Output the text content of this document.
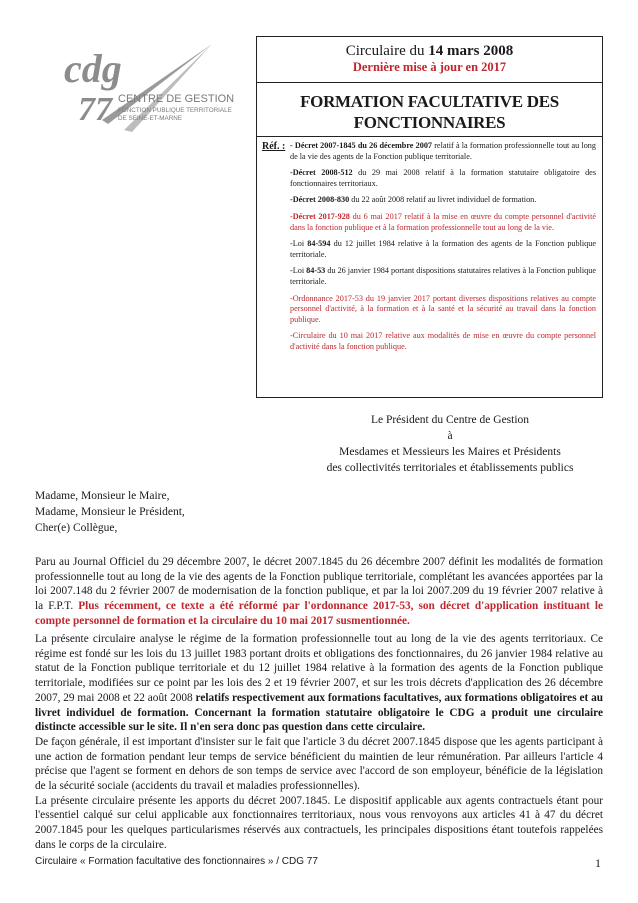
cdg
77 CENTRE DE GESTION
FONCTION PUBLIQUE TERRITORIALE
DE SEINE-ET-MARNE
Circulaire du 14 mars 2008
Dernière mise à jour en 2017
FORMATION FACULTATIVE DES
FONCTIONNAIRES
Réf. : - Décret 2007-1845 du 26 décembre 2007 relatif à la formation professionnelle tout au long de la vie des agents de la Fonction publique territoriale.

-Décret 2008-512 du 29 mai 2008 relatif à la formation statutaire obligatoire des fonctionnaires territoriaux.

-Décret 2008-830 du 22 août 2008 relatif au livret individuel de formation.

-Décret 2017-928 du 6 mai 2017 relatif à la mise en œuvre du compte personnel d'activité dans la fonction publique et à la formation professionnelle tout au long de la vie.

-Loi 84-594 du 12 juillet 1984 relative à la formation des agents de la Fonction publique territoriale.

-Loi 84-53 du 26 janvier 1984 portant dispositions statutaires relatives à la Fonction publique territoriale.

-Ordonnance 2017-53 du 19 janvier 2017 portant diverses dispositions relatives au compte personnel d'activité, à la formation et à la santé et la sécurité au travail dans la fonction publique.

-Circulaire du 10 mai 2017 relative aux modalités de mise en œuvre du compte personnel d'activité dans la fonction publique.

Le Président du Centre de Gestion
à
Mesdames et Messieurs les Maires et Présidents
des collectivités territoriales et établissements publics
Madame, Monsieur le Maire,
Madame, Monsieur le Président,
Cher(e) Collègue,

Paru au Journal Officiel du 29 décembre 2007, le décret 2007.1845 du 26 décembre 2007 définit les modalités de formation professionnelle tout au long de la vie des agents de la Fonction publique territoriale, complétant les avancées apportées par la loi 2007.148 du 2 février 2007 de modernisation de la fonction publique, et par la loi 2007.209 du 19 février 2007 relative à la F.P.T. Plus récemment, ce texte a été réformé par l'ordonnance 2017-53, son décret d'application instituant le compte personnel de formation et la circulaire du 10 mai 2017 susmentionnée.

La présente circulaire analyse le régime de la formation professionnelle tout au long de la vie des agents territoriaux. Ce régime est fondé sur les lois du 13 juillet 1983 portant droits et obligations des fonctionnaires, du 26 janvier 1984 relative au statut de la Fonction publique territoriale et du 12 juillet 1984 relative à la formation des agents de la Fonction publique territoriale, modifiées sur ce point par les lois des 2 et 19 février 2007, et sur les trois décrets d'application des 26 décembre 2007, 29 mai 2008 et 22 août 2008 relatifs respectivement aux formations facultatives, aux formations obligatoires et au livret individuel de formation. Concernant la formation statutaire obligatoire le CDG a produit une circulaire distincte accessible sur le site. Il n'en sera donc pas question dans cette circulaire.

De façon générale, il est important d'insister sur le fait que l'article 3 du décret 2007.1845 dispose que les agents participant à une action de formation pendant leur temps de service bénéficient du maintien de leur rémunération. Par ailleurs l'article 4 précise que l'agent se forment en dehors de son temps de service avec l'accord de son employeur, bénéficie de la législation de la sécurité sociale (accidents du travail et maladies professionnelles).

La présente circulaire présente les apports du décret 2007.1845. Le dispositif applicable aux agents contractuels étant pour l'essentiel calqué sur celui applicable aux fonctionnaires territoriaux, nous vous renvoyons aux articles 41 à 47 du décret 2007.1845 pour les quelques particularismes réservés aux contractuels, les principales dispositions étant toutefois rappelées dans le corps de la circulaire.

Circulaire « Formation facultative des fonctionnaires » / CDG 77	1
